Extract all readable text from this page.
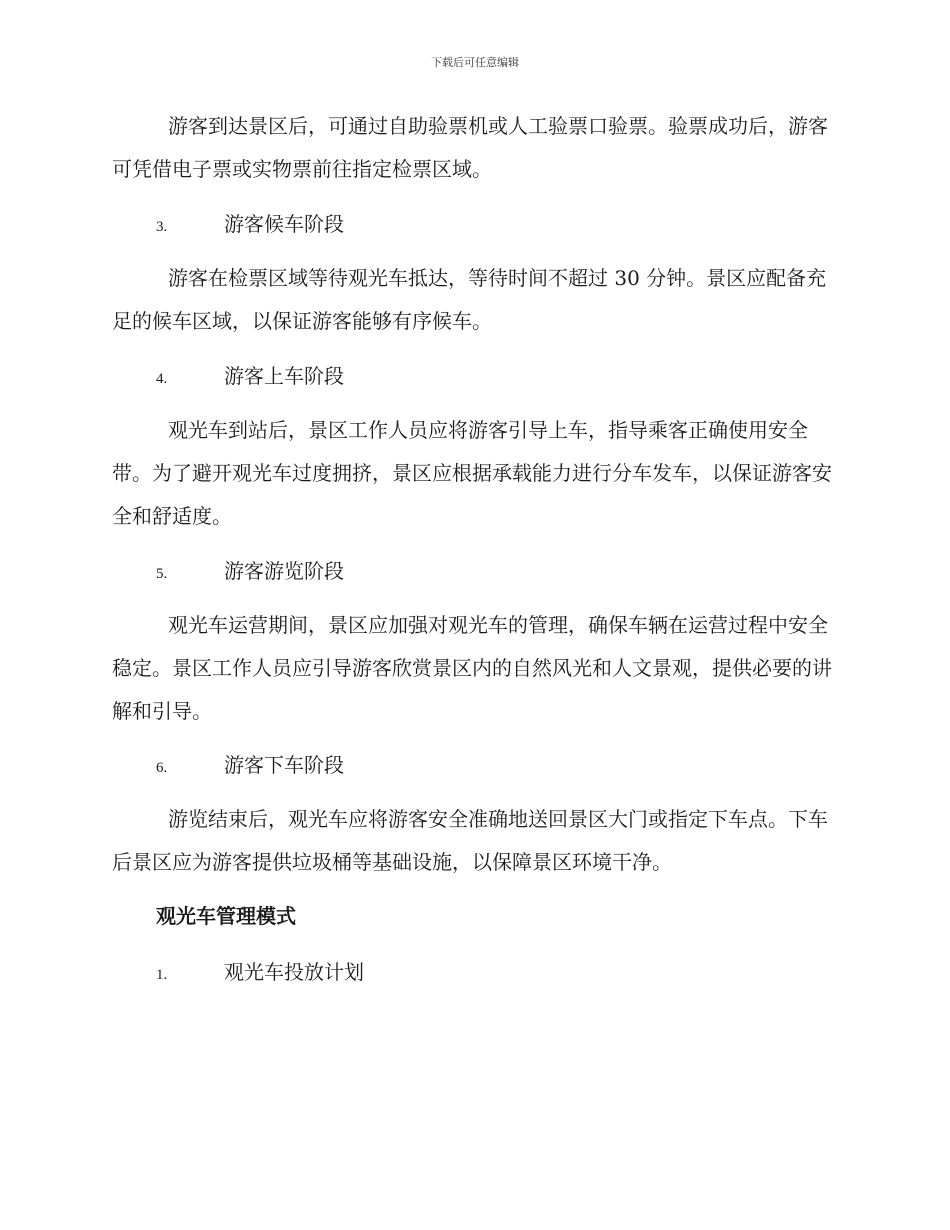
下载后可任意编辑

游客到达景区后，可通过自助验票机或人工验票口验票。验票成功后，游客可凭借电子票或实物票前往指定检票区域。

3.	游客候车阶段

游客在检票区域等待观光车抵达，等待时间不超过 30 分钟。景区应配备充足的候车区域，以保证游客能够有序候车。

4.	游客上车阶段

观光车到站后，景区工作人员应将游客引导上车，指导乘客正确使用安全带。为了避开观光车过度拥挤，景区应根据承载能力进行分车发车，以保证游客安全和舒适度。

5.	游客游览阶段

观光车运营期间，景区应加强对观光车的管理，确保车辆在运营过程中安全稳定。景区工作人员应引导游客欣赏景区内的自然风光和人文景观，提供必要的讲解和引导。

6.	游客下车阶段

游览结束后，观光车应将游客安全准确地送回景区大门或指定下车点。下车后景区应为游客提供垃圾桶等基础设施，以保障景区环境干净。

观光车管理模式
1.	观光车投放计划
